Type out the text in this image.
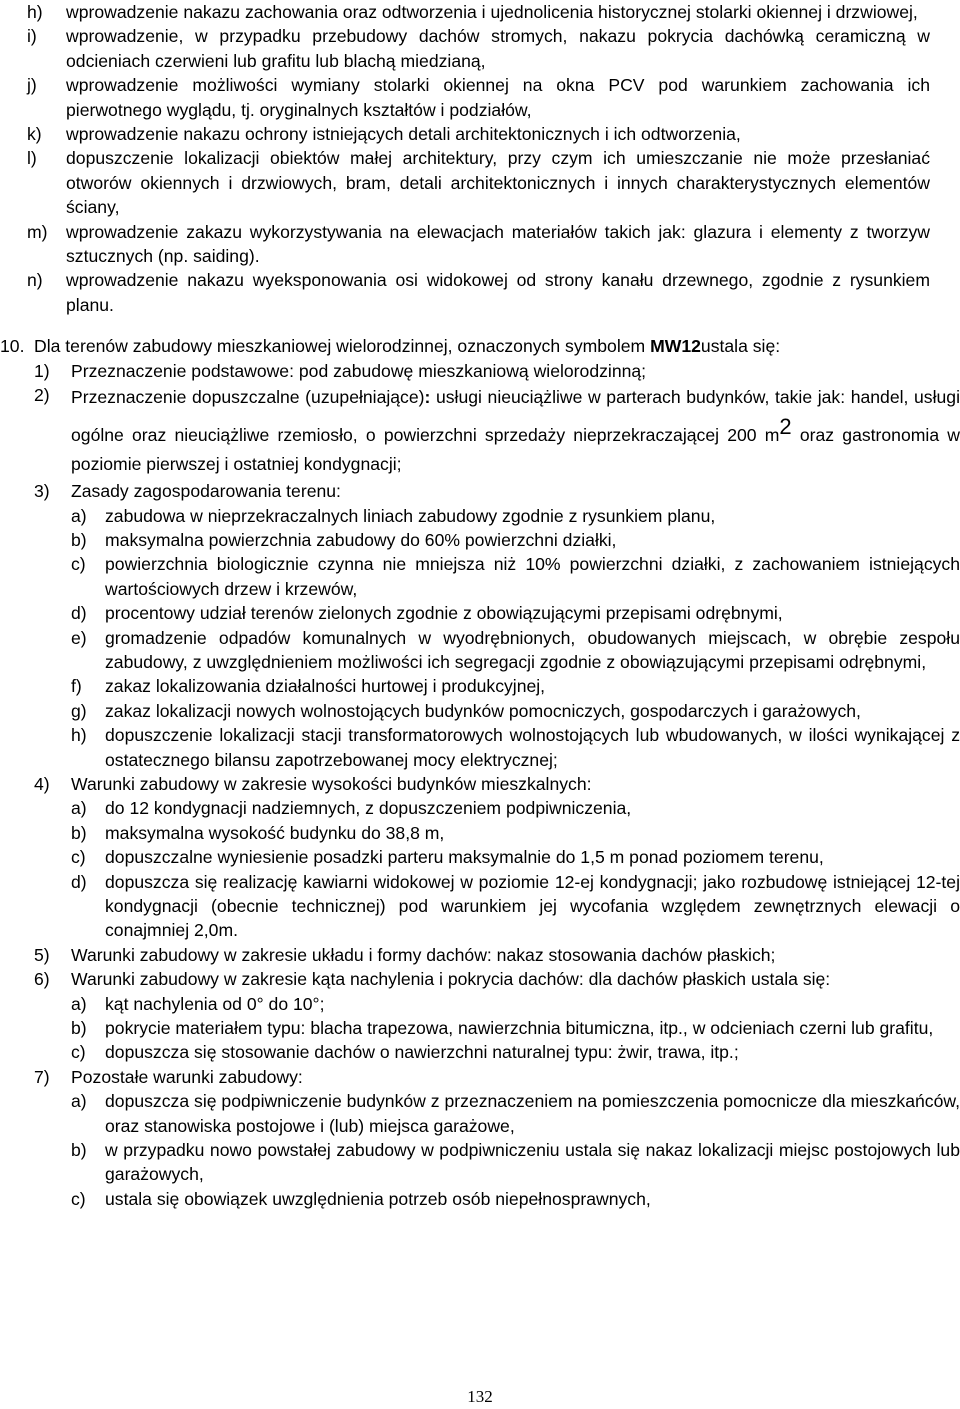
h)	wprowadzenie nakazu zachowania oraz odtworzenia i ujednolicenia historycznej stolarki okiennej i drzwiowej,
i)	wprowadzenie, w przypadku przebudowy dachów stromych, nakazu pokrycia dachówką ceramiczną w odcieniach czerwieni lub grafitu lub blachą miedzianą,
j)	wprowadzenie możliwości wymiany stolarki okiennej na okna PCV pod warunkiem zachowania ich pierwotnego wyglądu, tj. oryginalnych kształtów i podziałów,
k)	wprowadzenie nakazu ochrony istniejących detali architektonicznych i ich odtworzenia,
l)	dopuszczenie lokalizacji obiektów małej architektury, przy czym ich umieszczanie nie może przesłaniać otworów okiennych i drzwiowych, bram, detali architektonicznych i innych charakterystycznych elementów ściany,
m)	wprowadzenie zakazu wykorzystywania na elewacjach materiałów takich jak: glazura i elementy z tworzyw sztucznych (np. saiding).
n)	wprowadzenie nakazu wyeksponowania osi widokowej od strony kanału drzewnego, zgodnie z rysunkiem planu.
10. Dla terenów zabudowy mieszkaniowej wielorodzinnej, oznaczonych symbolem MW12ustala się:
1)	Przeznaczenie podstawowe: pod zabudowę mieszkaniową wielorodzinną;
2)	Przeznaczenie dopuszczalne (uzupełniające): usługi nieuciążliwe w parterach budynków, takie jak: handel, usługi ogólne oraz nieuciążliwe rzemiosło, o powierzchni sprzedaży nieprzekraczającej 200 m2 oraz gastronomia w poziomie pierwszej i ostatniej kondygnacji;
3)	Zasady zagospodarowania terenu:
a)	zabudowa w nieprzekraczalnych liniach zabudowy zgodnie z rysunkiem planu,
b)	maksymalna powierzchnia zabudowy do 60% powierzchni działki,
c)	powierzchnia biologicznie czynna nie mniejsza niż 10% powierzchni działki, z zachowaniem istniejących wartościowych drzew i krzewów,
d)	procentowy udział terenów zielonych zgodnie z obowiązującymi przepisami odrębnymi,
e)	gromadzenie odpadów komunalnych w wyodrębnionych, obudowanych miejscach, w obrębie zespołu zabudowy, z uwzględnieniem możliwości ich segregacji zgodnie z obowiązującymi przepisami odrębnymi,
f)	zakaz lokalizowania działalności hurtowej i produkcyjnej,
g)	zakaz lokalizacji nowych wolnostojących budynków pomocniczych, gospodarczych i garażowych,
h)	dopuszczenie lokalizacji stacji transformatorowych wolnostojących lub wbudowanych, w ilości wynikającej z ostatecznego bilansu zapotrzebowanej mocy elektrycznej;
4)	Warunki zabudowy w zakresie wysokości budynków mieszkalnych:
a)	do 12 kondygnacji nadziemnych, z dopuszczeniem podpiwniczenia,
b)	maksymalna wysokość budynku do 38,8 m,
c)	dopuszczalne wyniesienie posadzki parteru maksymalnie do 1,5 m ponad poziomem terenu,
d)	dopuszcza się realizację kawiarni widokowej w poziomie 12-ej kondygnacji; jako rozbudowę istniejącej 12-tej kondygnacji (obecnie technicznej) pod warunkiem jej wycofania względem zewnętrznych elewacji o conajmniej 2,0m.
5)	Warunki zabudowy w zakresie układu i formy dachów: nakaz stosowania dachów płaskich;
6)	Warunki zabudowy w zakresie kąta nachylenia i pokrycia dachów: dla dachów płaskich ustala się:
a)	kąt nachylenia od 0° do 10°;
b)	pokrycie materiałem typu: blacha trapezowa, nawierzchnia bitumiczna, itp., w odcieniach czerni lub grafitu,
c)	dopuszcza się stosowanie dachów o nawierzchni naturalnej typu: żwir, trawa, itp.;
7)	Pozostałe warunki zabudowy:
a)	dopuszcza się podpiwniczenie budynków z przeznaczeniem na pomieszczenia pomocnicze dla mieszkańców, oraz stanowiska postojowe i (lub) miejsca garażowe,
b)	w przypadku nowo powstałej zabudowy w podpiwniczeniu ustala się nakaz lokalizacji miejsc postojowych lub garażowych,
c)	ustala się obowiązek uwzględnienia potrzeb osób niepełnosprawnych,
132
